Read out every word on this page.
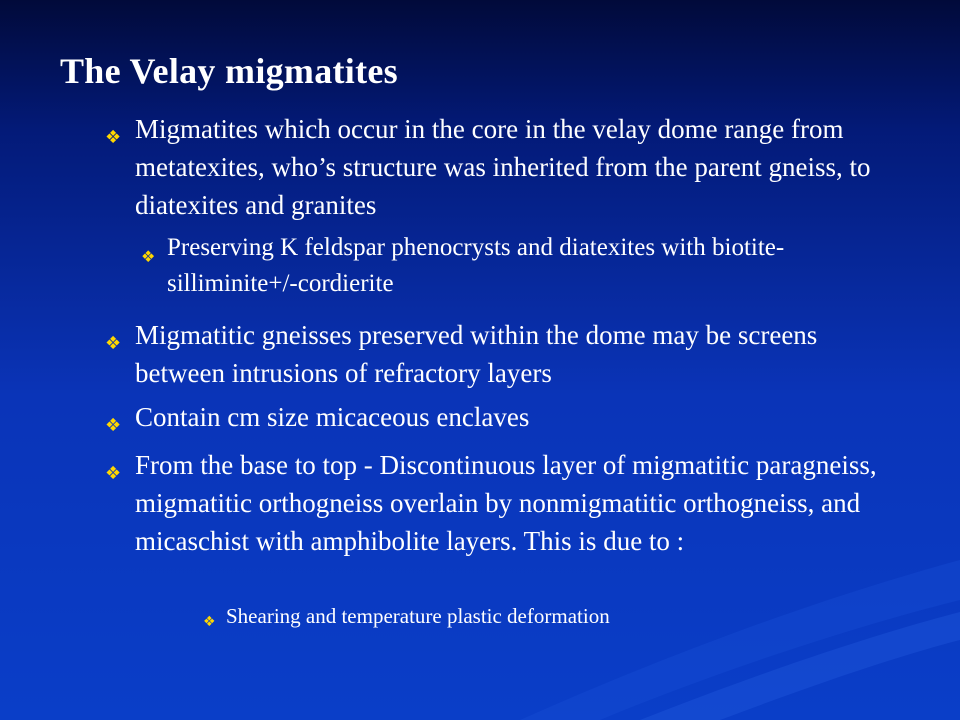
The Velay migmatites
❖ Migmatites which occur in the core in the velay dome range from metatexites, who’s structure was inherited from the parent gneiss, to diatexites and granites
❖ Preserving K feldspar phenocrysts and diatexites with biotite-silliminite+/-cordierite
❖ Migmatitic gneisses preserved within the dome may be screens between intrusions of refractory layers
❖ Contain cm size micaceous enclaves
❖ From the base to top - Discontinuous layer of migmatitic paragneiss, migmatitic orthogneiss overlain by nonmigmatitic orthogneiss, and micaschist with amphibolite layers. This is due to :
❖ Shearing and temperature plastic deformation
